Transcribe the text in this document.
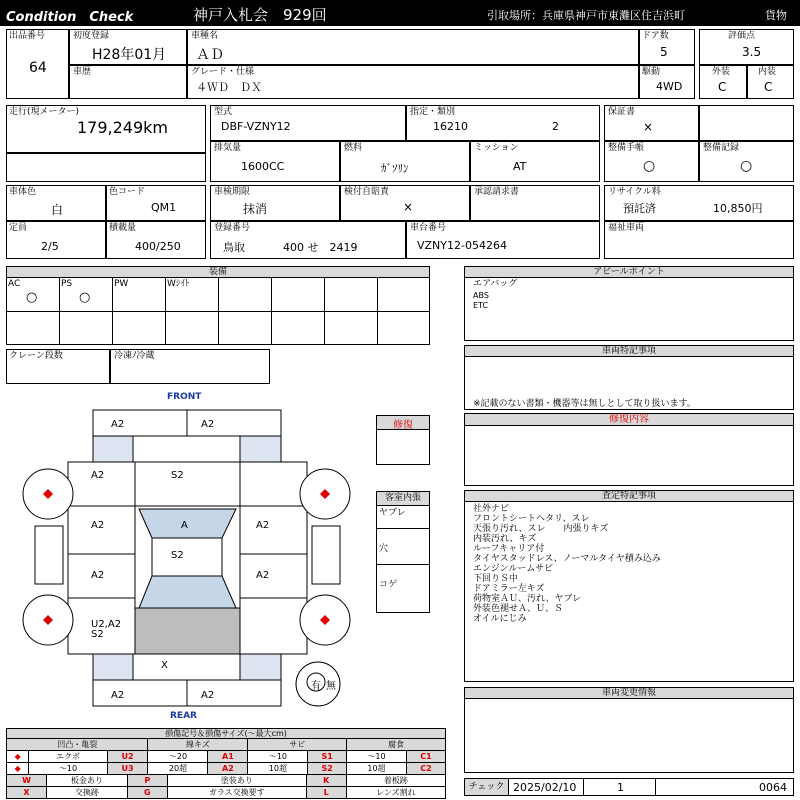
Condition　Check	神戸入札会　929回	引取場所：兵庫県神戸市東灘区住吉浜町	貨物
出品番号
64
初度登録
H28年01月
車種名
ＡＤ
ドア数
5
評価点
3.5
車歴	グレード・仕様
４ＷＤ　ＤＸ
駆動
4WD
外装
C
内装
C
走行(現メーター)
179,249km
型式
DBF-VZNY12
指定・類別
16210	2
保証書
×
排気量
1600CC
燃料
ｶﾞｿﾘﾝ
ミッション
AT
整備手帳
○
整備記録
○
車体色
白
色コード
QM1
車検期限
抹消
検付自賠責
×
承認請求書	リサイクル料
預託済	10,850円
定員
2/5
積載量
400/250
登録番号
鳥取	400 せ　2419
車台番号
VZNY12-054264
福祉車両
装備
AC	PS	PW	Wｼｲﾄ
○	○
クレーン段数	冷凍ﾉ冷蔵
FRONT
A2	A2
A2	S2
A2	A	A2
S2
A2	A2
U2,A2
S2
X
A2	A2
有 無
REAR
修復
客室内張
ヤブレ
穴
コゲ
損傷記号＆損傷サイズ(〜最大cm)
凹凸・亀裂			線キズ		サビ		腐食	
◆	エクボ	U2	〜20	A1	〜10	S1	〜10	C1
◆	〜10	U3	20超	A2	10超	S2	10超	C2
W	板金あり	P	塗装あり	K	着板跡
X	交換跡	G	ガラス交換要す	L	レンズ割れ
アピールポイント
エアバッグ
ABS
ETC
車両特記事項
※記載のない書類・機器等は無しとして取り扱います。
修復内容
査定特記事項
社外ナビ
フロントシートヘタリ、スレ
天張り汚れ、スレ　　内張りキズ
内装汚れ、キズ
ルーフキャリア付
タイヤスタッドレス、ノーマルタイヤ積み込み
エンジンルームサビ
下回りＳ中
ドアミラー左キズ
荷物室ＡＵ、汚れ、ヤブレ
外装色褪せＡ、Ｕ、Ｓ
オイルにじみ
車両変更情報
チェック 2025/02/10	1	0064
